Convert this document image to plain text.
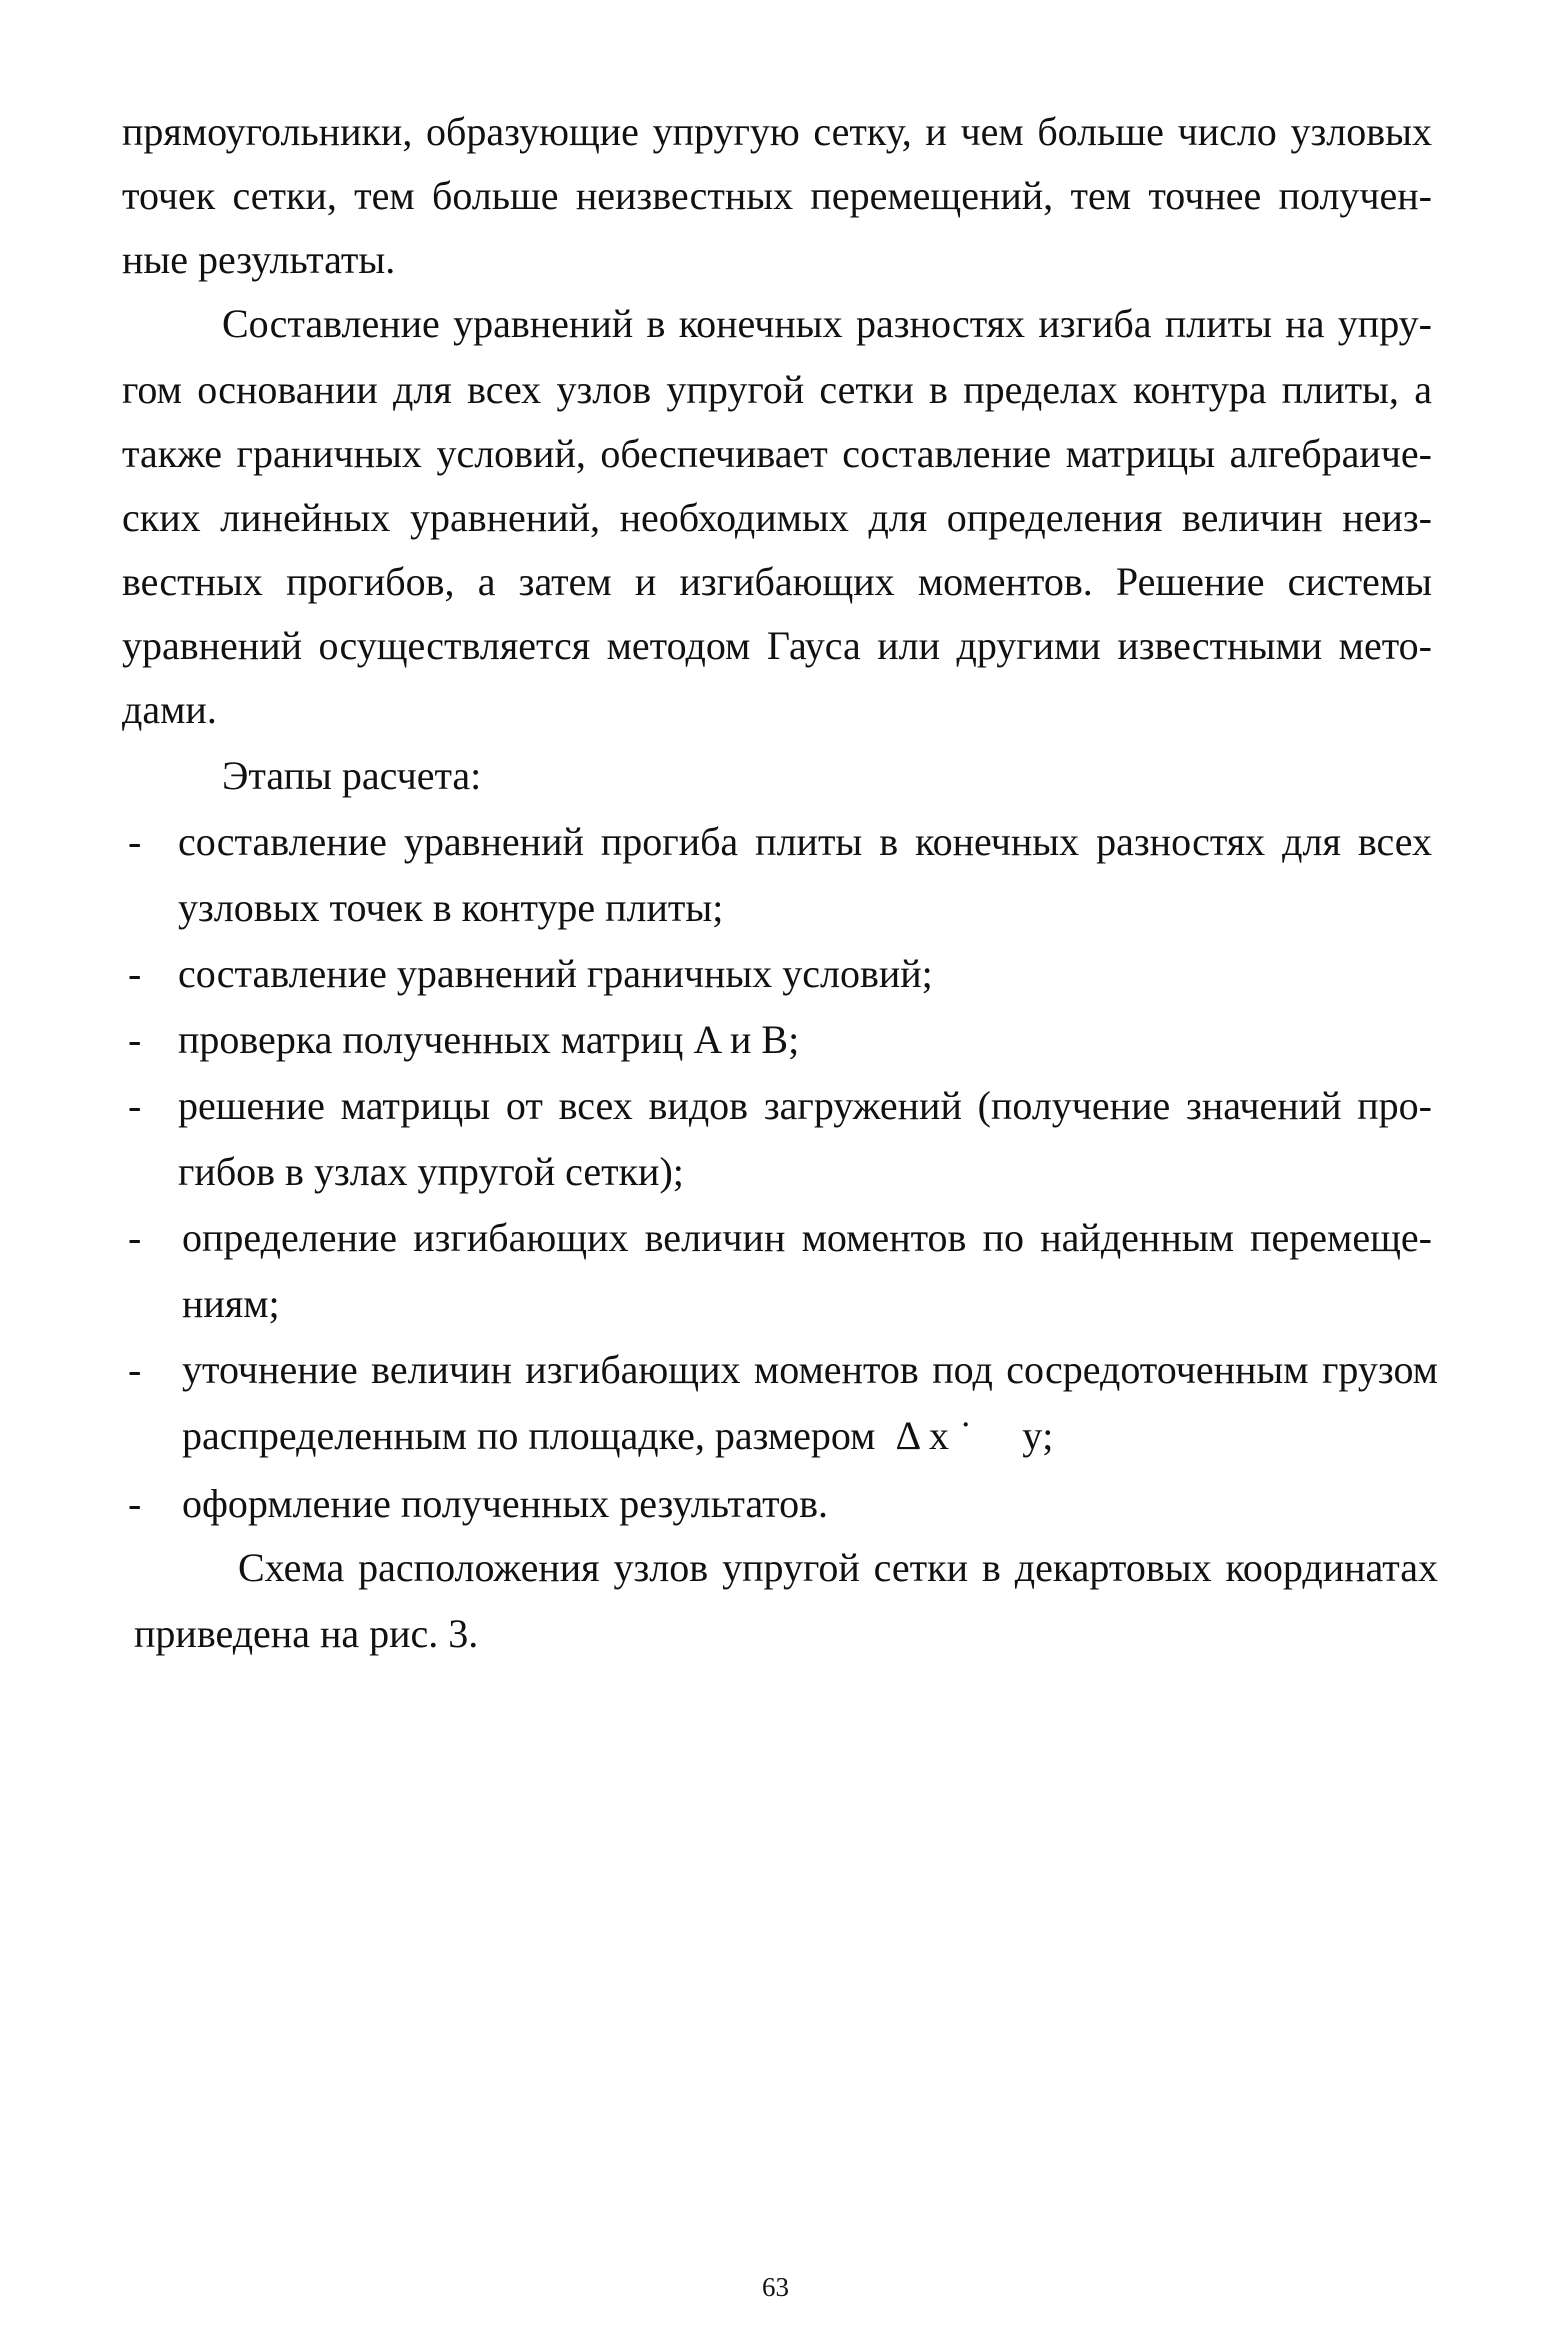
прямоугольники, образующие упругую сетку, и чем больше число узловых
точек сетки, тем больше неизвестных перемещений, тем точнее получен-
ные результаты.
Составление уравнений в конечных разностях изгиба плиты на упру-
гом основании для всех узлов упругой сетки в пределах контура плиты, а
также граничных условий, обеспечивает составление матрицы алгебраиче-
ских линейных уравнений, необходимых для определения величин неиз-
вестных прогибов, а затем и изгибающих моментов. Решение системы
уравнений осуществляется методом Гауса или другими известными мето-
дами.
Этапы расчета:
- составление уравнений прогиба плиты в конечных разностях для всех
узловых точек в контуре плиты;
- составление уравнений граничных условий;
- проверка полученных матриц A и B;
- решение матрицы от всех видов загружений (получение значений про-
гибов в узлах упругой сетки);
- определение изгибающих величин моментов по найденным перемеще-
ниям;
- уточнение величин изгибающих моментов под сосредоточенным грузом
распределенным по площадке, размером  Δ x ˙     y;
- оформление полученных результатов.
Схема расположения узлов упругой сетки в декартовых координатах
приведена на рис. 3.
63
